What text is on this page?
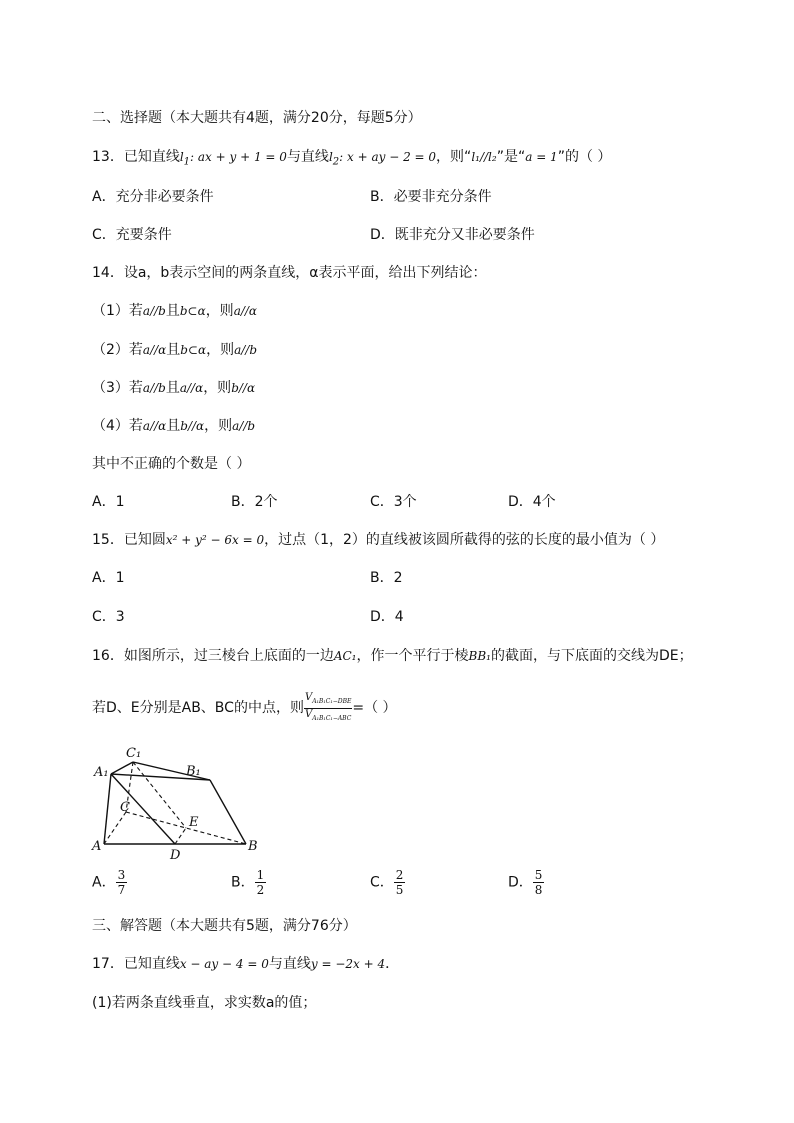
二、选择题（本大题共有4题，满分20分，每题5分）
13．已知直线$l_1$: ax + y + 1 = 0与直线$l_2$: x + ay − 2 = 0，则“l₁//l₂”是“a = 1”的（ ）
A．充分非必要条件	B．必要非充分条件
C．充要条件	D．既非充分又非必要条件
14．设a，b表示空间的两条直线，α表示平面，给出下列结论：
（1）若a//b且b⊂α，则a//α
（2）若a//α且b⊂α，则a//b
（3）若a//b且a//α，则b//α
（4）若a//α且b//α，则a//b
其中不正确的个数是（ ）
A．1	B．2个	C．3个	D．4个
15．已知圆x² + y² − 6x = 0，过点（1，2）的直线被该圆所截得的弦的长度的最小值为（ ）
A．1	B．2
C．3	D．4
16．如图所示，过三棱台上底面的一边AC₁，作一个平行于棱BB₁的截面，与下底面的交线为DE；
若D、E分别是AB、BC的中点，则
$V_{A_1B_1C_1-DBE}$
$V_{A_1B_1C_1-ABC}$
=（ ）
C₁
A₁	B₁
C
E
A
D
B
A． $\frac{3}{7}$	B． $\frac{1}{2}$	C． $\frac{2}{5}$	D． $\frac{5}{8}$
三、解答题（本大题共有5题，满分76分）
17．已知直线x − ay − 4 = 0与直线y = −2x + 4．
(1)若两条直线垂直，求实数a的值；
